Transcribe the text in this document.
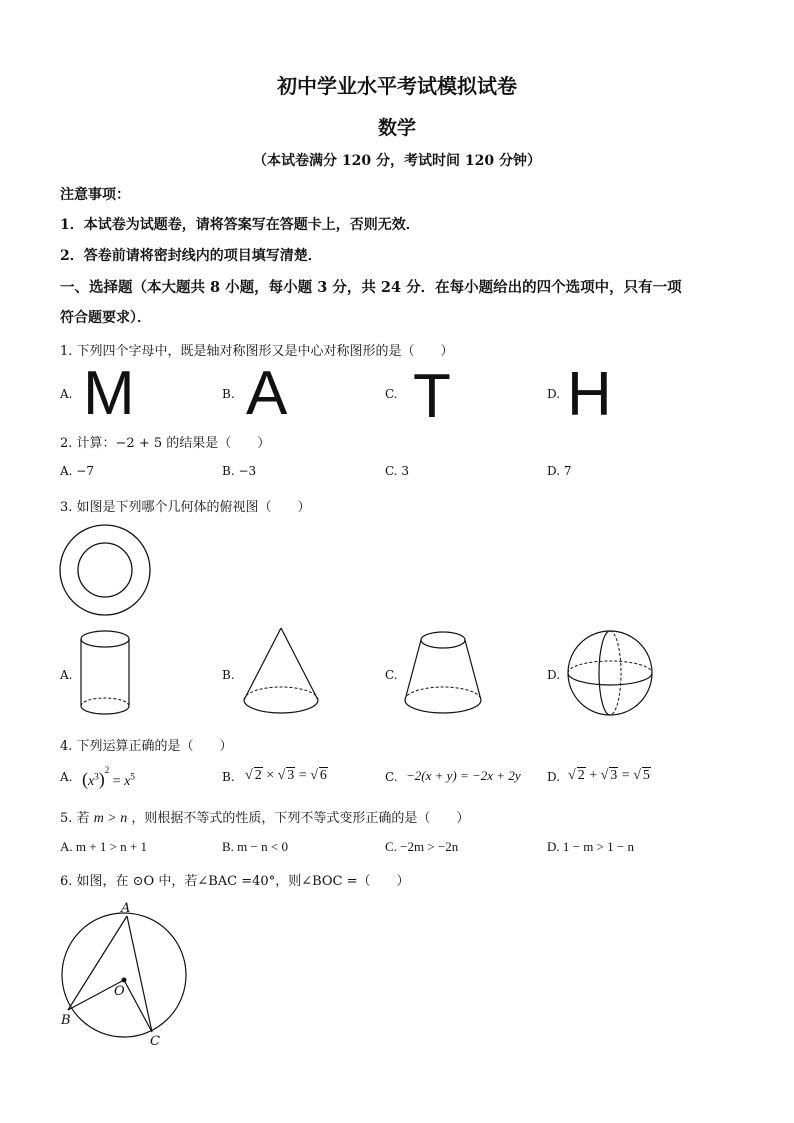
初中学业水平考试模拟试卷
数学
（本试卷满分 120 分，考试时间 120 分钟）
注意事项：
1．本试卷为试题卷，请将答案写在答题卡上，否则无效．
2．答卷前请将密封线内的项目填写清楚．
一、选择题（本大题共 8 小题，每小题 3 分，共 24 分．在每小题给出的四个选项中，只有一项
符合题要求）．
1. 下列四个字母中，既是轴对称图形又是中心对称图形的是（　　）
A. M	B. A	C. T	D. H
2. 计算：−2 + 5 的结果是（　　）
A. −7	B. −3	C. 3	D. 7
3. 如图是下列哪个几何体的俯视图（　　）
A.	B.	C.	D.
4. 下列运算正确的是（　　）
A. $(x^3)^2 = x^5$	B. √ 2 × √ 3 = √ 6	C. −2(x + y) = −2x + 2y D. √ 2 + √ 3 = √ 5
5. 若 m > n ，则根据不等式的性质，下列不等式变形正确的是（　　）
A. m + 1 > n + 1	B. m − n < 0	C. −2m > −2n	D. 1 − m > 1 − n
6. 如图，在 ⊙O 中，若∠BAC =40°，则∠BOC =（　　）
A
O
B
C
